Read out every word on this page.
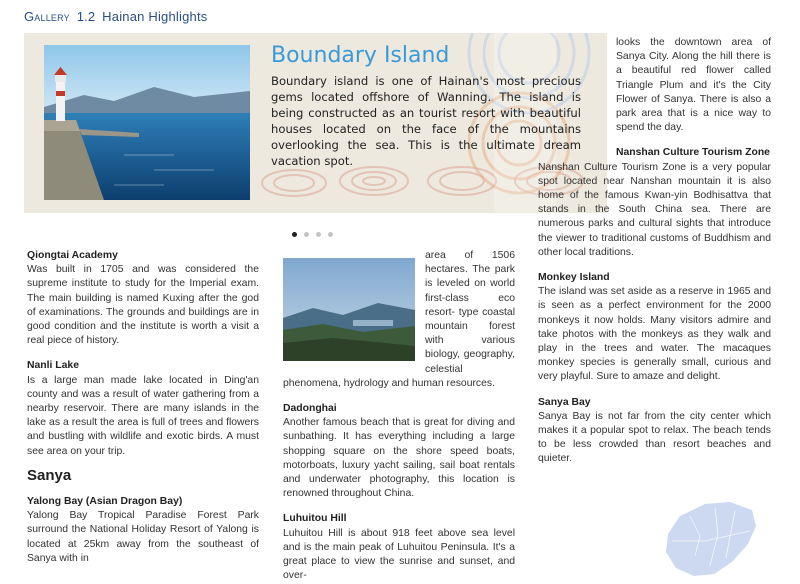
Gallery 1.2 Hainan Highlights
Boundary Island
Boundary island is one of Hainan's most precious gems located offshore of Wanning. The island is being constructed as an tourist resort with beautiful houses located on the face of the mountains overlooking the sea. This is the ultimate dream vacation spot.
Qiongtai Academy

Was built in 1705 and was considered the supreme institute to study for the Imperial exam. The main building is named Kuxing after the god of examinations. The grounds and buildings are in good condition and the institute is worth a visit a real piece of history.

Nanli Lake

Is a large man made lake located in Ding'an county and was a result of water gathering from a nearby reservoir. There are many islands in the lake as a result the area is full of trees and flowers and bustling with wildlife and exotic birds. A must see area on your trip.

Sanya
Yalong Bay (Asian Dragon Bay)

Yalong Bay Tropical Paradise Forest Park surround the National Holiday Resort of Yalong is located at 25km away from the southeast of Sanya with in

area of 1506 hectares. The park is leveled on world first-class eco resort- type coastal mountain forest with various biology, geography, celestial phenomena, hydrology and human resources.

Dadonghai

Another famous beach that is great for diving and sunbathing. It has everything including a large shopping square on the shore speed boats, motorboats, luxury yacht sailing, sail boat rentals and underwater photography, this location is renowned throughout China.

Luhuitou Hill

Luhuitou Hill is about 918 feet above sea level and is the main peak of Luhuitou Peninsula. It's a great place to view the sunrise and sunset, and over-

looks the downtown area of Sanya City. Along the hill there is a beautiful red flower called Triangle Plum and it's the City Flower of Sanya. There is also a park area that is a nice way to spend the day.

Nanshan Culture Tourism Zone

Nanshan Culture Tourism Zone is a very popular spot located near Nanshan mountain it is also home of the famous Kwan-yin Bodhisattva that stands in the South China sea. There are numerous parks and cultural sights that introduce the viewer to traditional customs of Buddhism and other local traditions.

Monkey Island

The island was set aside as a reserve in 1965 and is seen as a perfect environment for the 2000 monkeys it now holds. Many visitors admire and take photos with the monkeys as they walk and play in the trees and water. The macaques monkey species is generally small, curious and very playful. Sure to amaze and delight.

Sanya Bay

Sanya Bay is not far from the city center which makes it a popular spot to relax. The beach tends to be less crowded than resort beaches and quieter.
